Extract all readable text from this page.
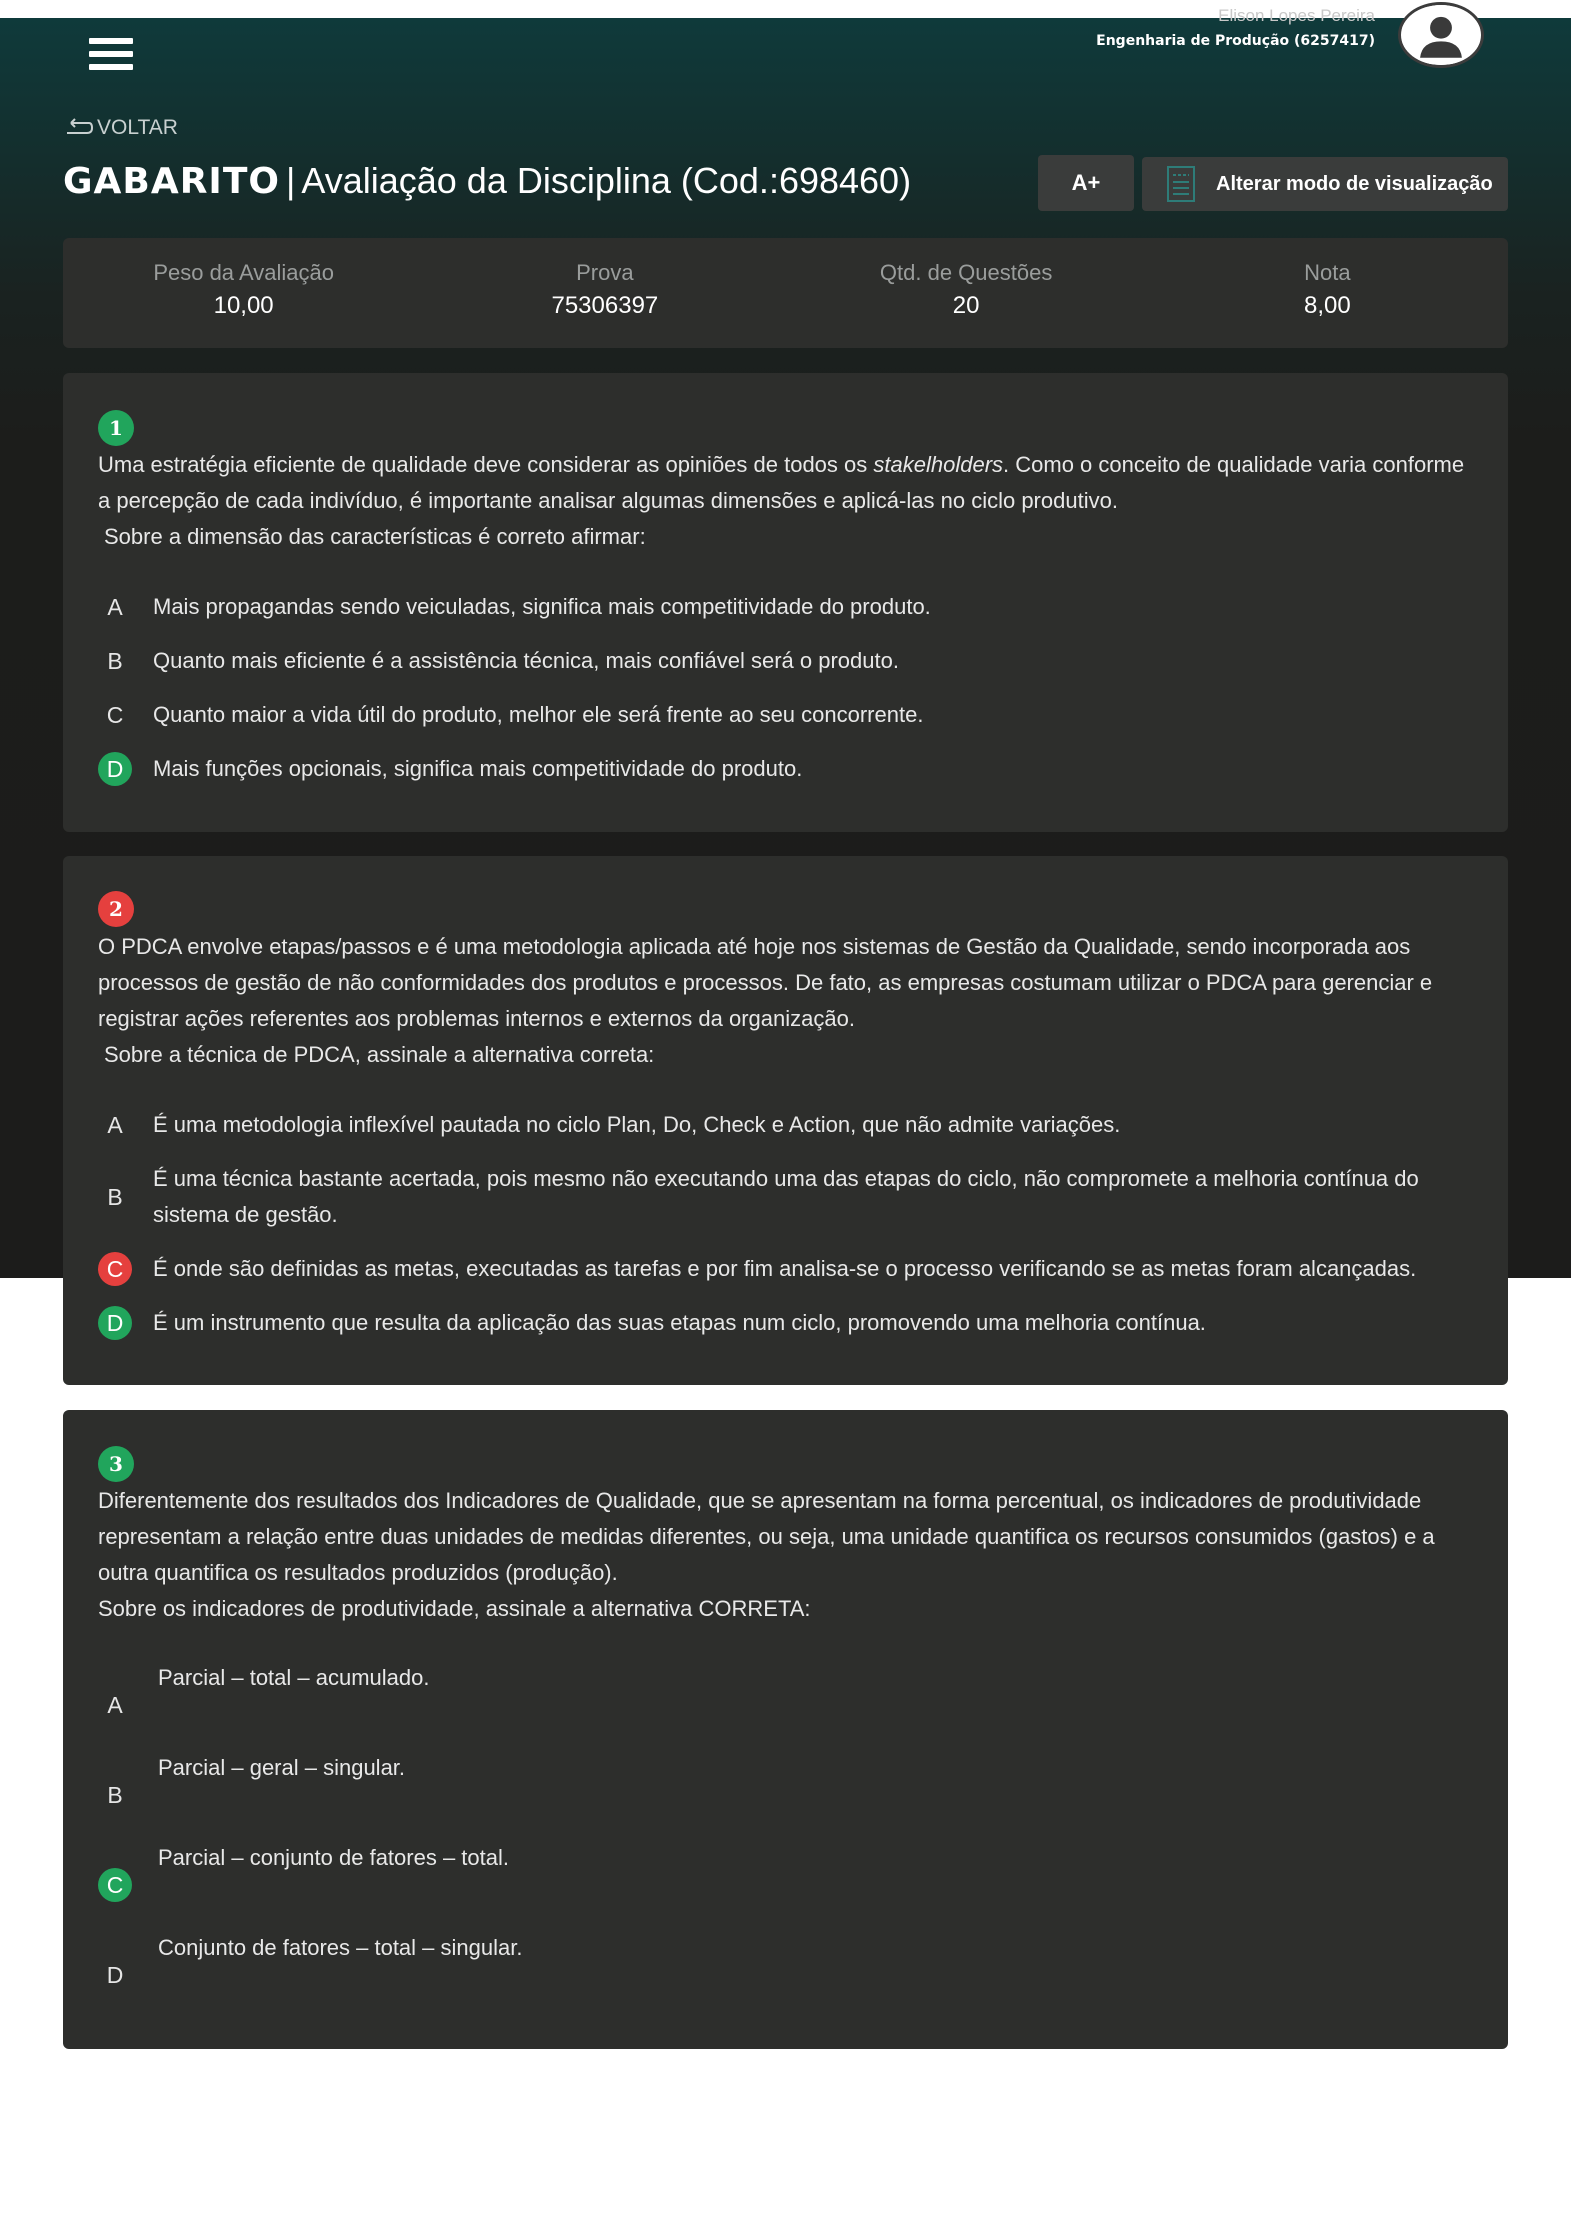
Elison Lopes Pereira
Engenharia de Produção (6257417)
VOLTAR
GABARITO | Avaliação da Disciplina (Cod.:698460)	A+	Alterar modo de visualização
Peso da Avaliação
10,00
Prova
75306397
Qtd. de Questões
20
Nota
8,00
1

Uma estratégia eficiente de qualidade deve considerar as opiniões de todos os stakelholders. Como o conceito de qualidade varia conforme a percepção de cada indivíduo, é importante analisar algumas dimensões e aplicá-las no ciclo produtivo.

Sobre a dimensão das características é correto afirmar:

A	Mais propagandas sendo veiculadas, significa mais competitividade do produto.
B	Quanto mais eficiente é a assistência técnica, mais confiável será o produto.
C	Quanto maior a vida útil do produto, melhor ele será frente ao seu concorrente.
D	Mais funções opcionais, significa mais competitividade do produto.
2

O PDCA envolve etapas/passos e é uma metodologia aplicada até hoje nos sistemas de Gestão da Qualidade, sendo incorporada aos processos de gestão de não conformidades dos produtos e processos. De fato, as empresas costumam utilizar o PDCA para gerenciar e registrar ações referentes aos problemas internos e externos da organização.

Sobre a técnica de PDCA, assinale a alternativa correta:

A	É uma metodologia inflexível pautada no ciclo Plan, Do, Check e Action, que não admite variações.
B
É uma técnica bastante acertada, pois mesmo não executando uma das etapas do ciclo, não compromete a melhoria contínua do sistema de gestão.
C	É onde são definidas as metas, executadas as tarefas e por fim analisa-se o processo verificando se as metas foram alcançadas.
D	É um instrumento que resulta da aplicação das suas etapas num ciclo, promovendo uma melhoria contínua.
3

Diferentemente dos resultados dos Indicadores de Qualidade, que se apresentam na forma percentual, os indicadores de produtividade representam a relação entre duas unidades de medidas diferentes, ou seja, uma unidade quantifica os recursos consumidos (gastos) e a outra quantifica os resultados produzidos (produção).

Sobre os indicadores de produtividade, assinale a alternativa CORRETA:

A
Parcial – total – acumulado.
B
Parcial – geral – singular.
C
Parcial – conjunto de fatores – total.
D
Conjunto de fatores – total – singular.
